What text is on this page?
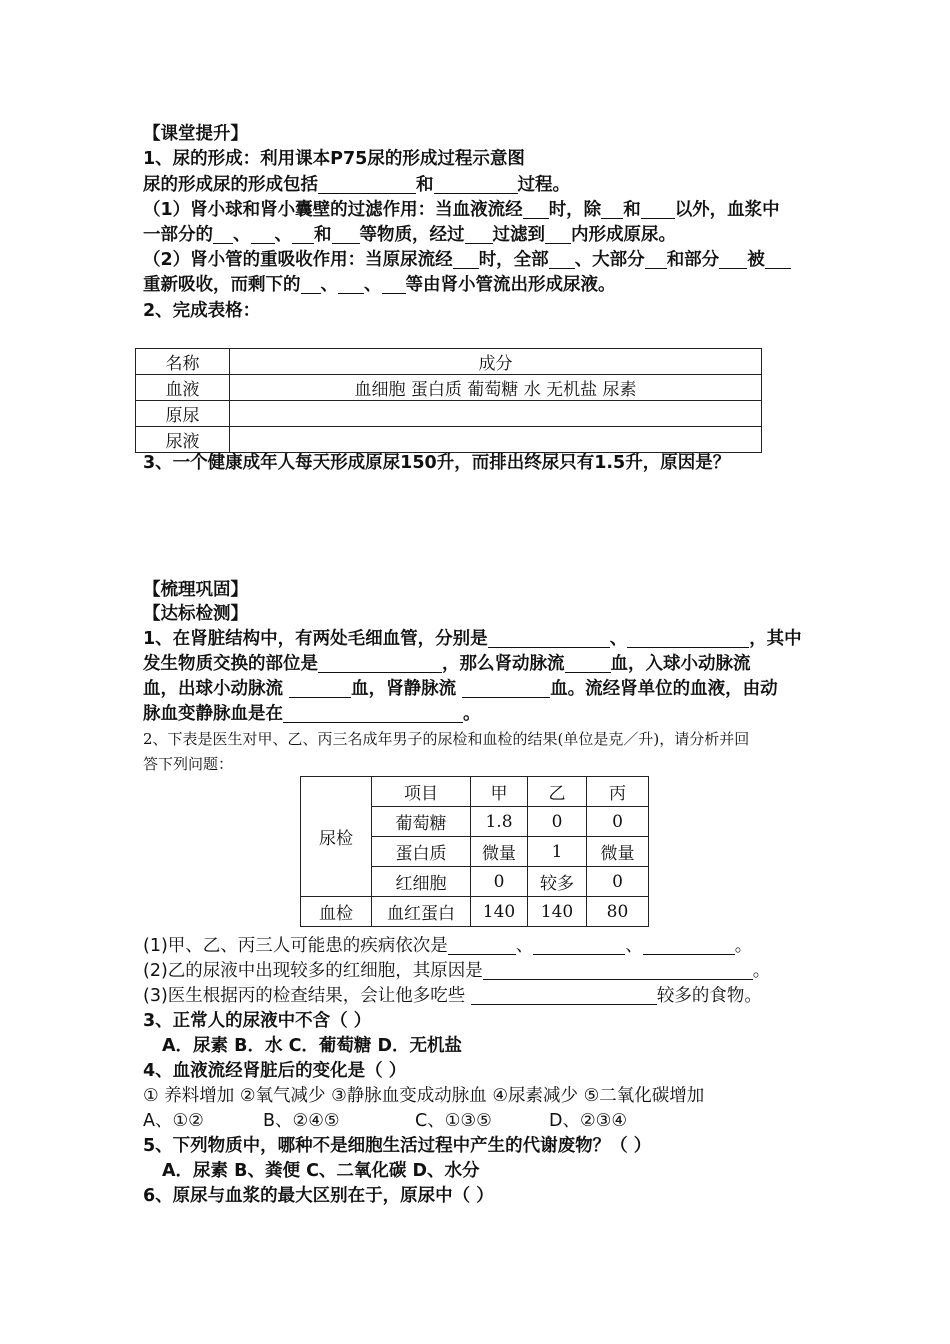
【课堂提升】
1、尿的形成：利用课本P75尿的形成过程示意图
尿的形成尿的形成包括	和	过程。
（1）肾小球和肾小囊壁的过滤作用：当血液流经 时，除 和 以外，血浆中
一部分的 、 、 和 等物质，经过 过滤到 内形成原尿。
（2）肾小管的重吸收作用：当原尿流经 时，全部 、大部分 和部分 被
重新吸收，而剩下的 、 、 等由肾小管流出形成尿液。
2、完成表格：
名称	成分
血液	血细胞 蛋白质 葡萄糖 水 无机盐 尿素
原尿	
尿液	
3、一个健康成年人每天形成原尿150升，而排出终尿只有1.5升，原因是？
【梳理巩固】
【达标检测】
1、在肾脏结构中，有两处毛细血管，分别是	、	，其中
发生物质交换的部位是	，那么肾动脉流	血，入球小动脉流
血，出球小动脉流	血，肾静脉流	血。流经肾单位的血液，由动
脉血变静脉血是在	。
2、下表是医生对甲、乙、丙三名成年男子的尿检和血检的结果(单位是克／升)，请分析并回
答下列问题：
尿检	项目	甲	乙	丙
	葡萄糖	1.8	0	0
	蛋白质	微量	1	微量
	红细胞	0	较多	0
血检	血红蛋白	140	140	80
(1)甲、乙、丙三人可能患的疾病依次是	、	、	。
(2)乙的尿液中出现较多的红细胞，其原因是	。
(3)医生根据丙的检查结果，会让他多吃些	较多的食物。
3、正常人的尿液中不含（ ）
A．尿素 B．水 C．葡萄糖 D．无机盐
4、血液流经肾脏后的变化是（ ）
① 养料增加 ②氧气减少 ③静脉血变成动脉血 ④尿素减少 ⑤二氧化碳增加
A、①②	B、②④⑤	C、①③⑤	D、②③④
5、下列物质中，哪种不是细胞生活过程中产生的代谢废物？（ ）
A．尿素 B、粪便 C、二氧化碳 D、水分
6、原尿与血浆的最大区别在于，原尿中（ ）
